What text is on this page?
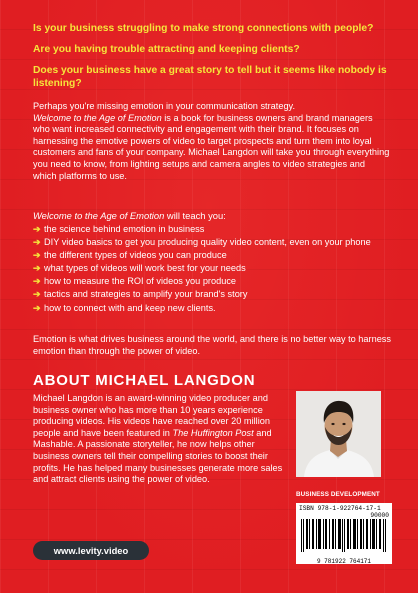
Is your business struggling to make strong connections with people?

Are you having trouble attracting and keeping clients?

Does your business have a great story to tell but it seems like nobody is listening?

Perhaps you're missing emotion in your communication strategy.
Welcome to the Age of Emotion is a book for business owners and brand managers who want increased connectivity and engagement with their brand. It focuses on harnessing the emotive powers of video to target prospects and turn them into loyal customers and fans of your company. Michael Langdon will take you through everything you need to know, from lighting setups and camera angles to video strategies and which platforms to use.

Welcome to the Age of Emotion will teach you:

➔ the science behind emotion in business
➔ DIY video basics to get you producing quality video content, even on your phone
➔ the different types of videos you can produce
➔ what types of videos will work best for your needs
➔ how to measure the ROI of videos you produce
➔ tactics and strategies to amplify your brand's story
➔ how to connect with and keep new clients.

Emotion is what drives business around the world, and there is no better way to harness emotion than through the power of video.

ABOUT MICHAEL LANGDON

Michael Langdon is an award-winning video producer and business owner who has more than 10 years experience producing videos. His videos have reached over 20 million people and have been featured in The Huffington Post and Mashable. A passionate storyteller, he now helps other business owners tell their compelling stories to boost their profits. He has helped many businesses generate more sales and attract clients using the power of video.

BUSINESS DEVELOPMENT
ISBN 978-1-922764-17-1
90000
9 781922 764171
www.levity.video
